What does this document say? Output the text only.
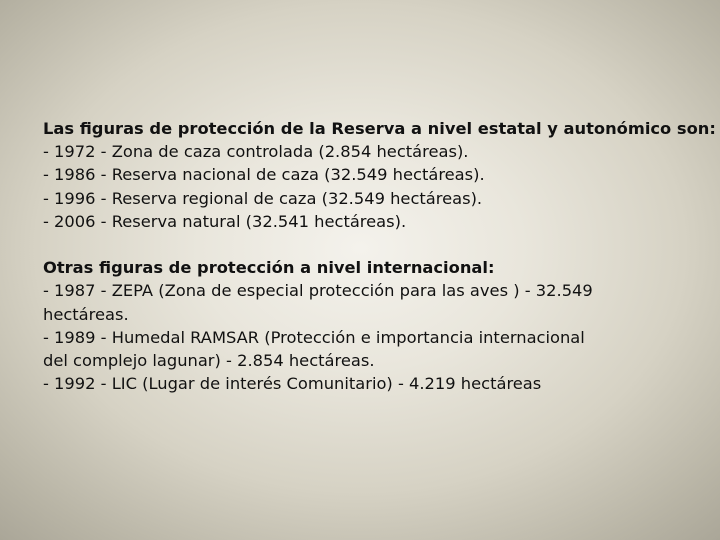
Las figuras de protección de la Reserva a nivel estatal y autonómico son:
- 1972 - Zona de caza controlada (2.854 hectáreas).
- 1986 - Reserva nacional de caza (32.549 hectáreas).
- 1996 - Reserva regional de caza (32.549 hectáreas).
- 2006 - Reserva natural (32.541 hectáreas).
Otras figuras de protección a nivel internacional:
- 1987 - ZEPA (Zona de especial protección para las aves ) - 32.549
hectáreas.
- 1989 - Humedal RAMSAR (Protección e importancia internacional
del complejo lagunar) - 2.854 hectáreas.
- 1992 - LIC (Lugar de interés Comunitario) - 4.219 hectáreas
